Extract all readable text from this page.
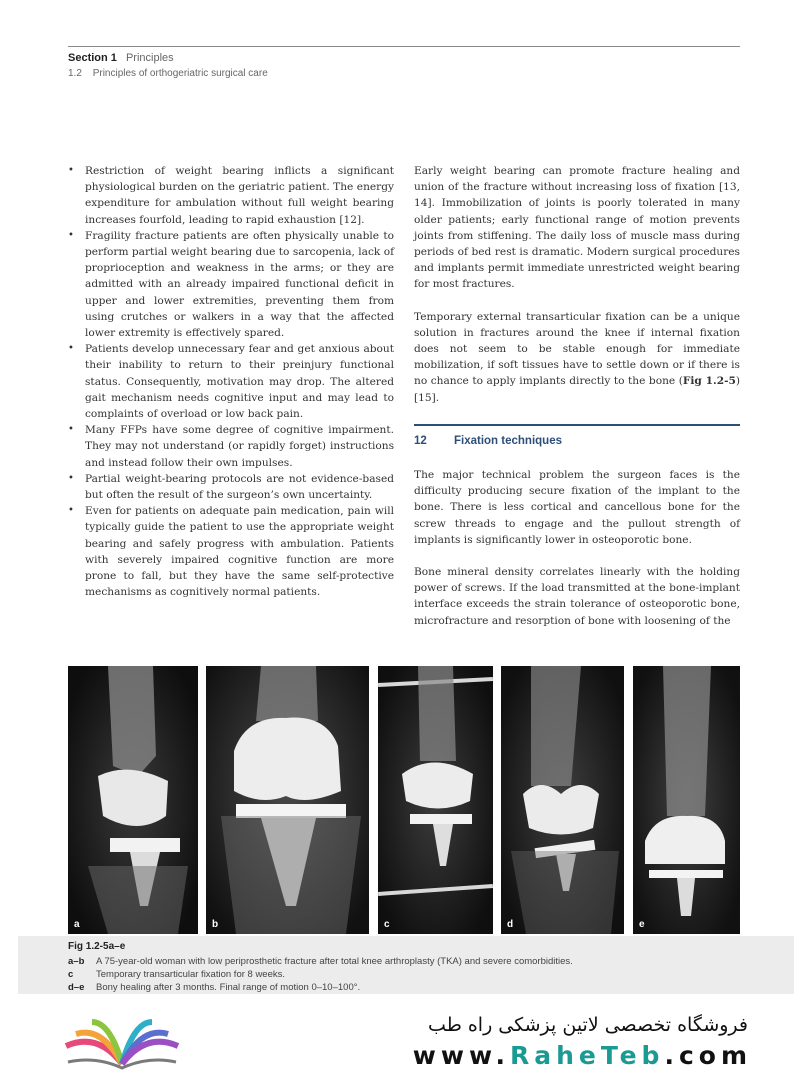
Section 1 Principles
1.2 Principles of orthogeriatric surgical care
• Restriction of weight bearing inflicts a significant physiological burden on the geriatric patient. The energy expenditure for ambulation without full weight bearing increases fourfold, leading to rapid exhaustion [12].
• Fragility fracture patients are often physically unable to perform partial weight bearing due to sarcopenia, lack of proprioception and weakness in the arms; or they are admitted with an already impaired functional deficit in upper and lower extremities, preventing them from using crutches or walkers in a way that the affected lower extremity is effectively spared.
• Patients develop unnecessary fear and get anxious about their inability to return to their preinjury functional status. Consequently, motivation may drop. The altered gait mechanism needs cognitive input and may lead to complaints of overload or low back pain.
• Many FFPs have some degree of cognitive impairment. They may not understand (or rapidly forget) instructions and instead follow their own impulses.
• Partial weight-bearing protocols are not evidence-based but often the result of the surgeon’s own uncertainty.
• Even for patients on adequate pain medication, pain will typically guide the patient to use the appropriate weight bearing and safely progress with ambulation. Patients with severely impaired cognitive function are more prone to fall, but they have the same self-protective mechanisms as cognitively normal patients.

Early weight bearing can promote fracture healing and union of the fracture without increasing loss of fixation [13, 14]. Immobilization of joints is poorly tolerated in many older patients; early functional range of motion prevents joints from stiffening. The daily loss of muscle mass during periods of bed rest is dramatic. Modern surgical procedures and implants permit immediate unrestricted weight bearing for most fractures.

Temporary external transarticular fixation can be a unique solution in fractures around the knee if internal fixation does not seem to be stable enough for immediate mobilization, if soft tissues have to settle down or if there is no chance to apply implants directly to the bone (Fig 1.2-5) [15].

12 Fixation techniques

The major technical problem the surgeon faces is the difficulty producing secure fixation of the implant to the bone. There is less cortical and cancellous bone for the screw threads to engage and the pullout strength of implants is significantly lower in osteoporotic bone.

Bone mineral density correlates linearly with the holding power of screws. If the load transmitted at the bone-implant interface exceeds the strain tolerance of osteoporotic bone, microfracture and resorption of bone with loosening of the

a	b	c	d	e
Fig 1.2-5a–e
a–b A 75-year-old woman with low periprosthetic fracture after total knee arthroplasty (TKA) and severe comorbidities.
c Temporary transarticular fixation for 8 weeks.
d–e Bony healing after 3 months. Final range of motion 0–10–100°.
فروشگاه تخصصی لاتین پزشکی راه طب
www.RaheTeb.com
